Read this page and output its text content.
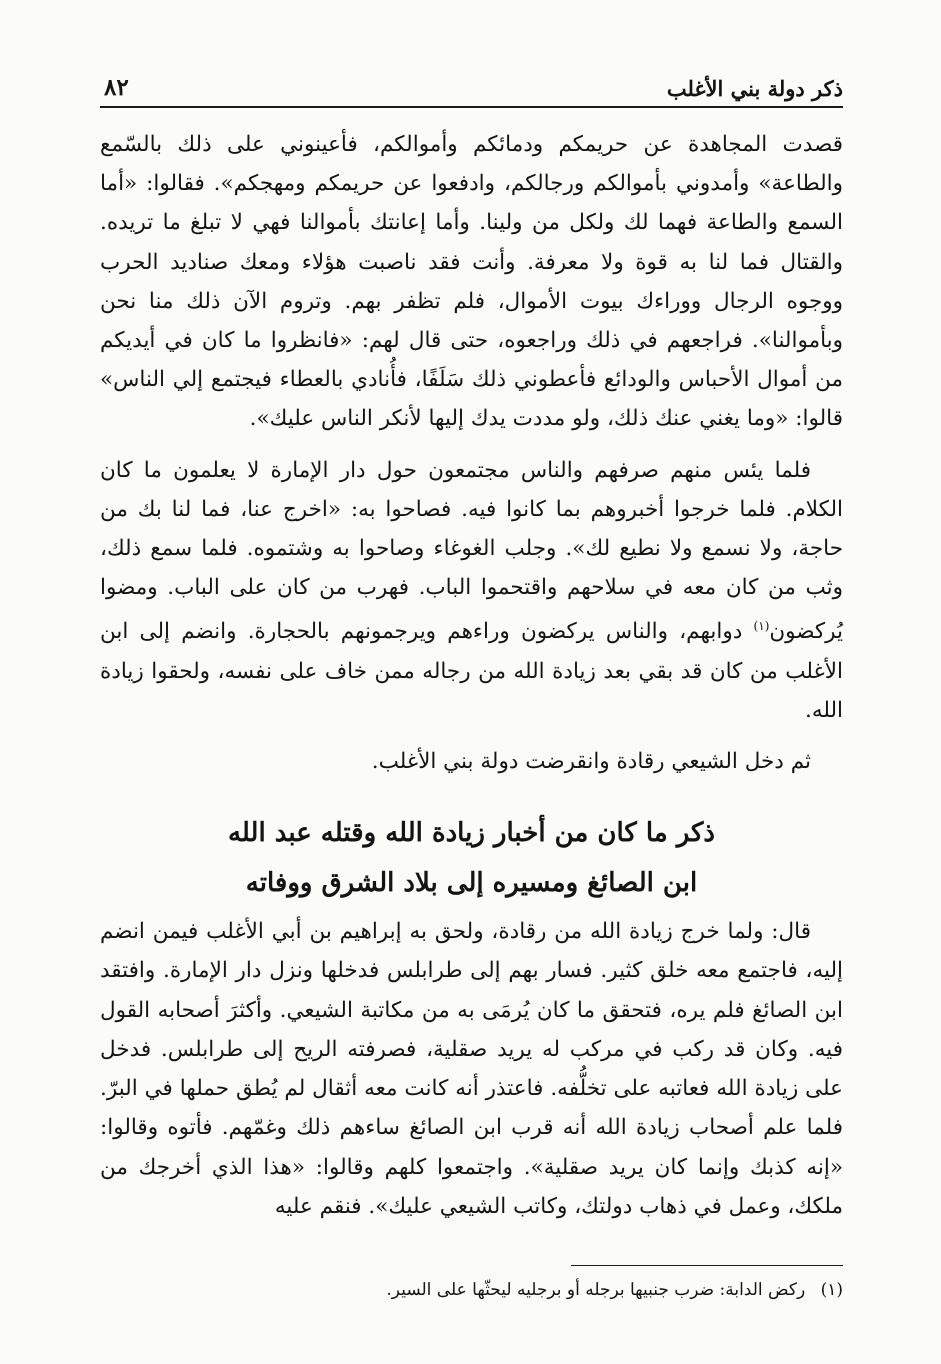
ذكر دولة بني الأغلب
٨٢

قصدت المجاهدة عن حريمكم ودمائكم وأموالكم، فأعينوني على ذلك بالسّمع والطاعة» وأمدوني بأموالكم ورجالكم، وادفعوا عن حريمكم ومهجكم». فقالوا: «أما السمع والطاعة فهما لك ولكل من ولينا. وأما إعانتك بأموالنا فهي لا تبلغ ما تريده. والقتال فما لنا به قوة ولا معرفة. وأنت فقد ناصبت هؤلاء ومعك صناديد الحرب ووجوه الرجال ووراءك بيوت الأموال، فلم تظفر بهم. وتروم الآن ذلك منا نحن وبأموالنا». فراجعهم في ذلك وراجعوه، حتى قال لهم: «فانظروا ما كان في أيديكم من أموال الأحباس والودائع فأعطوني ذلك سَلَفًا، فأُنادي بالعطاء فيجتمع إلي الناس» قالوا: «وما يغني عنك ذلك، ولو مددت يدك إليها لأنكر الناس عليك».

فلما يئس منهم صرفهم والناس مجتمعون حول دار الإمارة لا يعلمون ما كان الكلام. فلما خرجوا أخبروهم بما كانوا فيه. فصاحوا به: «اخرج عنا، فما لنا بك من حاجة، ولا نسمع ولا نطيع لك». وجلب الغوغاء وصاحوا به وشتموه. فلما سمع ذلك، وثب من كان معه في سلاحهم واقتحموا الباب. فهرب من كان على الباب. ومضوا يُركضون$^{(١)}$ دوابهم، والناس يركضون وراءهم ويرجمونهم بالحجارة. وانضم إلى ابن الأغلب من كان قد بقي بعد زيادة الله من رجاله ممن خاف على نفسه، ولحقوا زيادة الله.

ثم دخل الشيعي رقادة وانقرضت دولة بني الأغلب.

ذكر ما كان من أخبار زيادة الله وقتله عبد الله
ابن الصائغ ومسيره إلى بلاد الشرق ووفاته

قال: ولما خرج زيادة الله من رقادة، ولحق به إبراهيم بن أبي الأغلب فيمن انضم إليه، فاجتمع معه خلق كثير. فسار بهم إلى طرابلس فدخلها ونزل دار الإمارة. وافتقد ابن الصائغ فلم يره، فتحقق ما كان يُرمَى به من مكاتبة الشيعي. وأكثرَ أصحابه القول فيه. وكان قد ركب في مركب له يريد صقلية، فصرفته الريح إلى طرابلس. فدخل على زيادة الله فعاتبه على تخلُّفه. فاعتذر أنه كانت معه أثقال لم يُطق حملها في البرّ. فلما علم أصحاب زيادة الله أنه قرب ابن الصائغ ساءهم ذلك وغمّهم. فأتوه وقالوا: «إنه كذبك وإنما كان يريد صقلية». واجتمعوا كلهم وقالوا: «هذا الذي أخرجك من ملكك، وعمل في ذهاب دولتك، وكاتب الشيعي عليك». فنقم عليه

(١) ركض الدابة: ضرب جنبيها برجله أو برجليه ليحثّها على السير.
